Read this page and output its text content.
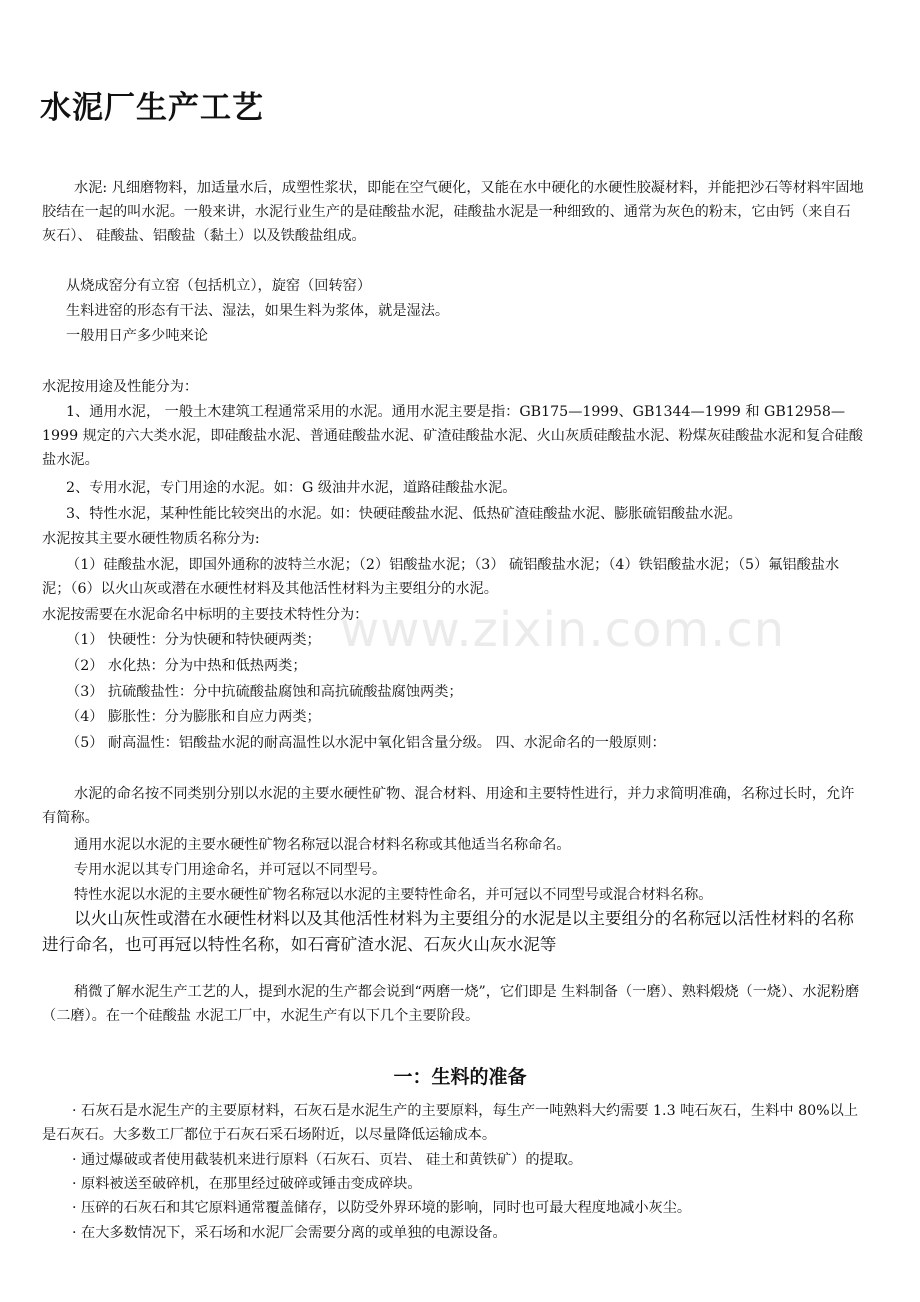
www.zixin.com.cn
水泥厂生产工艺

水泥: 凡细磨物料，加适量水后，成塑性浆状，即能在空气硬化，又能在水中硬化的水硬性胶凝材料，并能把沙石等材料牢固地胶结在一起的叫水泥。一般来讲，水泥行业生产的是硅酸盐水泥，硅酸盐水泥是一种细致的、通常为灰色的粉末，它由钙（来自石灰石）、 硅酸盐、铝酸盐（黏土）以及铁酸盐组成。

从烧成窑分有立窑（包括机立），旋窑（回转窑）
生料进窑的形态有干法、湿法，如果生料为浆体，就是湿法。
一般用日产多少吨来论
水泥按用途及性能分为：

1、通用水泥， 一般土木建筑工程通常采用的水泥。通用水泥主要是指：GB175—1999、GB1344—1999 和 GB12958—1999 规定的六大类水泥，即硅酸盐水泥、普通硅酸盐水泥、矿渣硅酸盐水泥、火山灰质硅酸盐水泥、粉煤灰硅酸盐水泥和复合硅酸盐水泥。

2、专用水泥，专门用途的水泥。如：G 级油井水泥，道路硅酸盐水泥。
3、特性水泥，某种性能比较突出的水泥。如：快硬硅酸盐水泥、低热矿渣硅酸盐水泥、膨胀硫铝酸盐水泥。
水泥按其主要水硬性物质名称分为:

（1）硅酸盐水泥，即国外通称的波特兰水泥；（2）铝酸盐水泥；（3） 硫铝酸盐水泥；（4）铁铝酸盐水泥；（5）氟铝酸盐水泥；（6）以火山灰或潜在水硬性材料及其他活性材料为主要组分的水泥。

水泥按需要在水泥命名中标明的主要技术特性分为：
（1） 快硬性：分为快硬和特快硬两类；
（2） 水化热：分为中热和低热两类；
（3） 抗硫酸盐性：分中抗硫酸盐腐蚀和高抗硫酸盐腐蚀两类；
（4） 膨胀性：分为膨胀和自应力两类；
（5） 耐高温性：铝酸盐水泥的耐高温性以水泥中氧化铝含量分级。 四、水泥命名的一般原则：

水泥的命名按不同类别分别以水泥的主要水硬性矿物、混合材料、用途和主要特性进行，并力求简明准确，名称过长时，允许有简称。

通用水泥以水泥的主要水硬性矿物名称冠以混合材料名称或其他适当名称命名。
专用水泥以其专门用途命名，并可冠以不同型号。
特性水泥以水泥的主要水硬性矿物名称冠以水泥的主要特性命名，并可冠以不同型号或混合材料名称。

以火山灰性或潜在水硬性材料以及其他活性材料为主要组分的水泥是以主要组分的名称冠以活性材料的名称进行命名，也可再冠以特性名称，如石膏矿渣水泥、石灰火山灰水泥等

稍微了解水泥生产工艺的人，提到水泥的生产都会说到“两磨一烧”，它们即是 生料制备（一磨）、熟料煅烧（一烧）、水泥粉磨（二磨）。在一个硅酸盐 水泥工厂中，水泥生产有以下几个主要阶段。

一：生料的准备

· 石灰石是水泥生产的主要原材料，石灰石是水泥生产的主要原料，每生产一吨熟料大约需要 1.3 吨石灰石，生料中 80%以上是石灰石。大多数工厂都位于石灰石采石场附近，以尽量降低运输成本。

· 通过爆破或者使用截装机来进行原料（石灰石、页岩、 硅土和黄铁矿）的提取。
· 原料被送至破碎机，在那里经过破碎或锤击变成碎块。
· 压碎的石灰石和其它原料通常覆盖储存，以防受外界环境的影响，同时也可最大程度地减小灰尘。
· 在大多数情况下，采石场和水泥厂会需要分离的或单独的电源设备。
